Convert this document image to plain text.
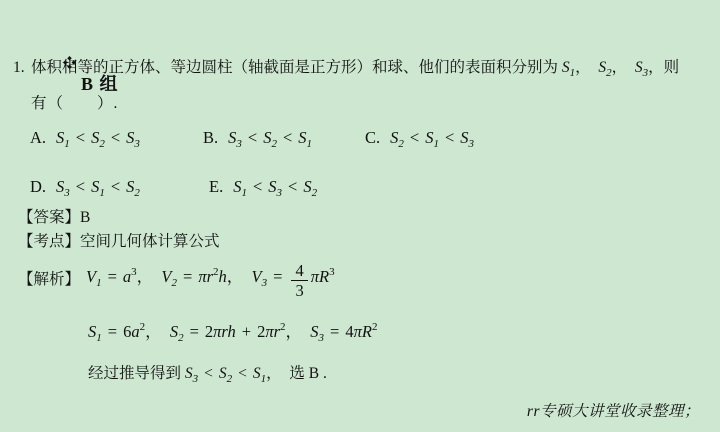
B 组

1. 体积相等的正方体、等边圆柱（轴截面是正方形）和球、他们的表面积分别为 $S_1$，  $S_2$，  $S_3$，则
有（　　）.
A. $S_1 < S_2 < S_3$	B. $S_3 < S_2 < S_1$	C. $S_2 < S_1 < S_3$
D. $S_3 < S_1 < S_2$	E. $S_1 < S_3 < S_2$
【答案】B
【考点】空间几何体计算公式
【解析】 $V_1 = a^3$，  $V_2 = \pi r^2h$，  $V_3 = \frac{4}{3} \pi R^3$
$S_1 = 6a^2$，  $S_2 = 2\pi rh + 2\pi r^2$，  $S_3 = 4\pi R^2$
经过推导得到 $S_3 < S_2 < S_1$，  选 B .
rr专硕大讲堂收录整理；
